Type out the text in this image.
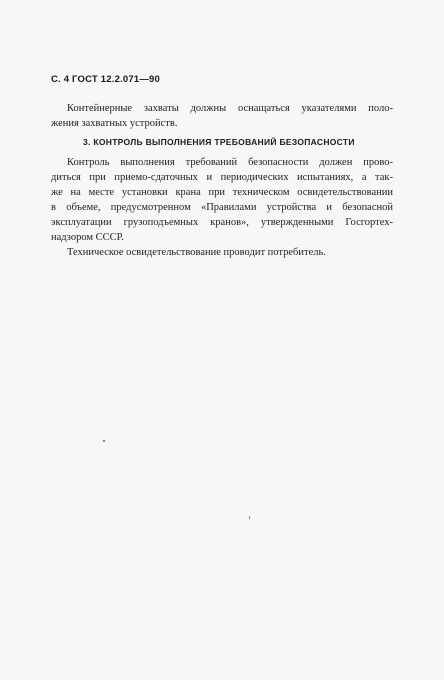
С. 4 ГОСТ 12.2.071—90
Контейнерные захваты должны оснащаться указателями поло-
жения захватных устройств.
3. КОНТРОЛЬ ВЫПОЛНЕНИЯ ТРЕБОВАНИЙ БЕЗОПАСНОСТИ
Контроль выполнения требований безопасности должен прово-
диться при приемо-сдаточных и периодических испытаниях, а так-
же на месте установки крана при техническом освидетельствовании
в объеме, предусмотренном «Правилами устройства и безопасной
эксплуатации грузоподъемных кранов», утвержденными Госгортех-
надзором СССР.
Техническое освидетельствование проводит потребитель.
